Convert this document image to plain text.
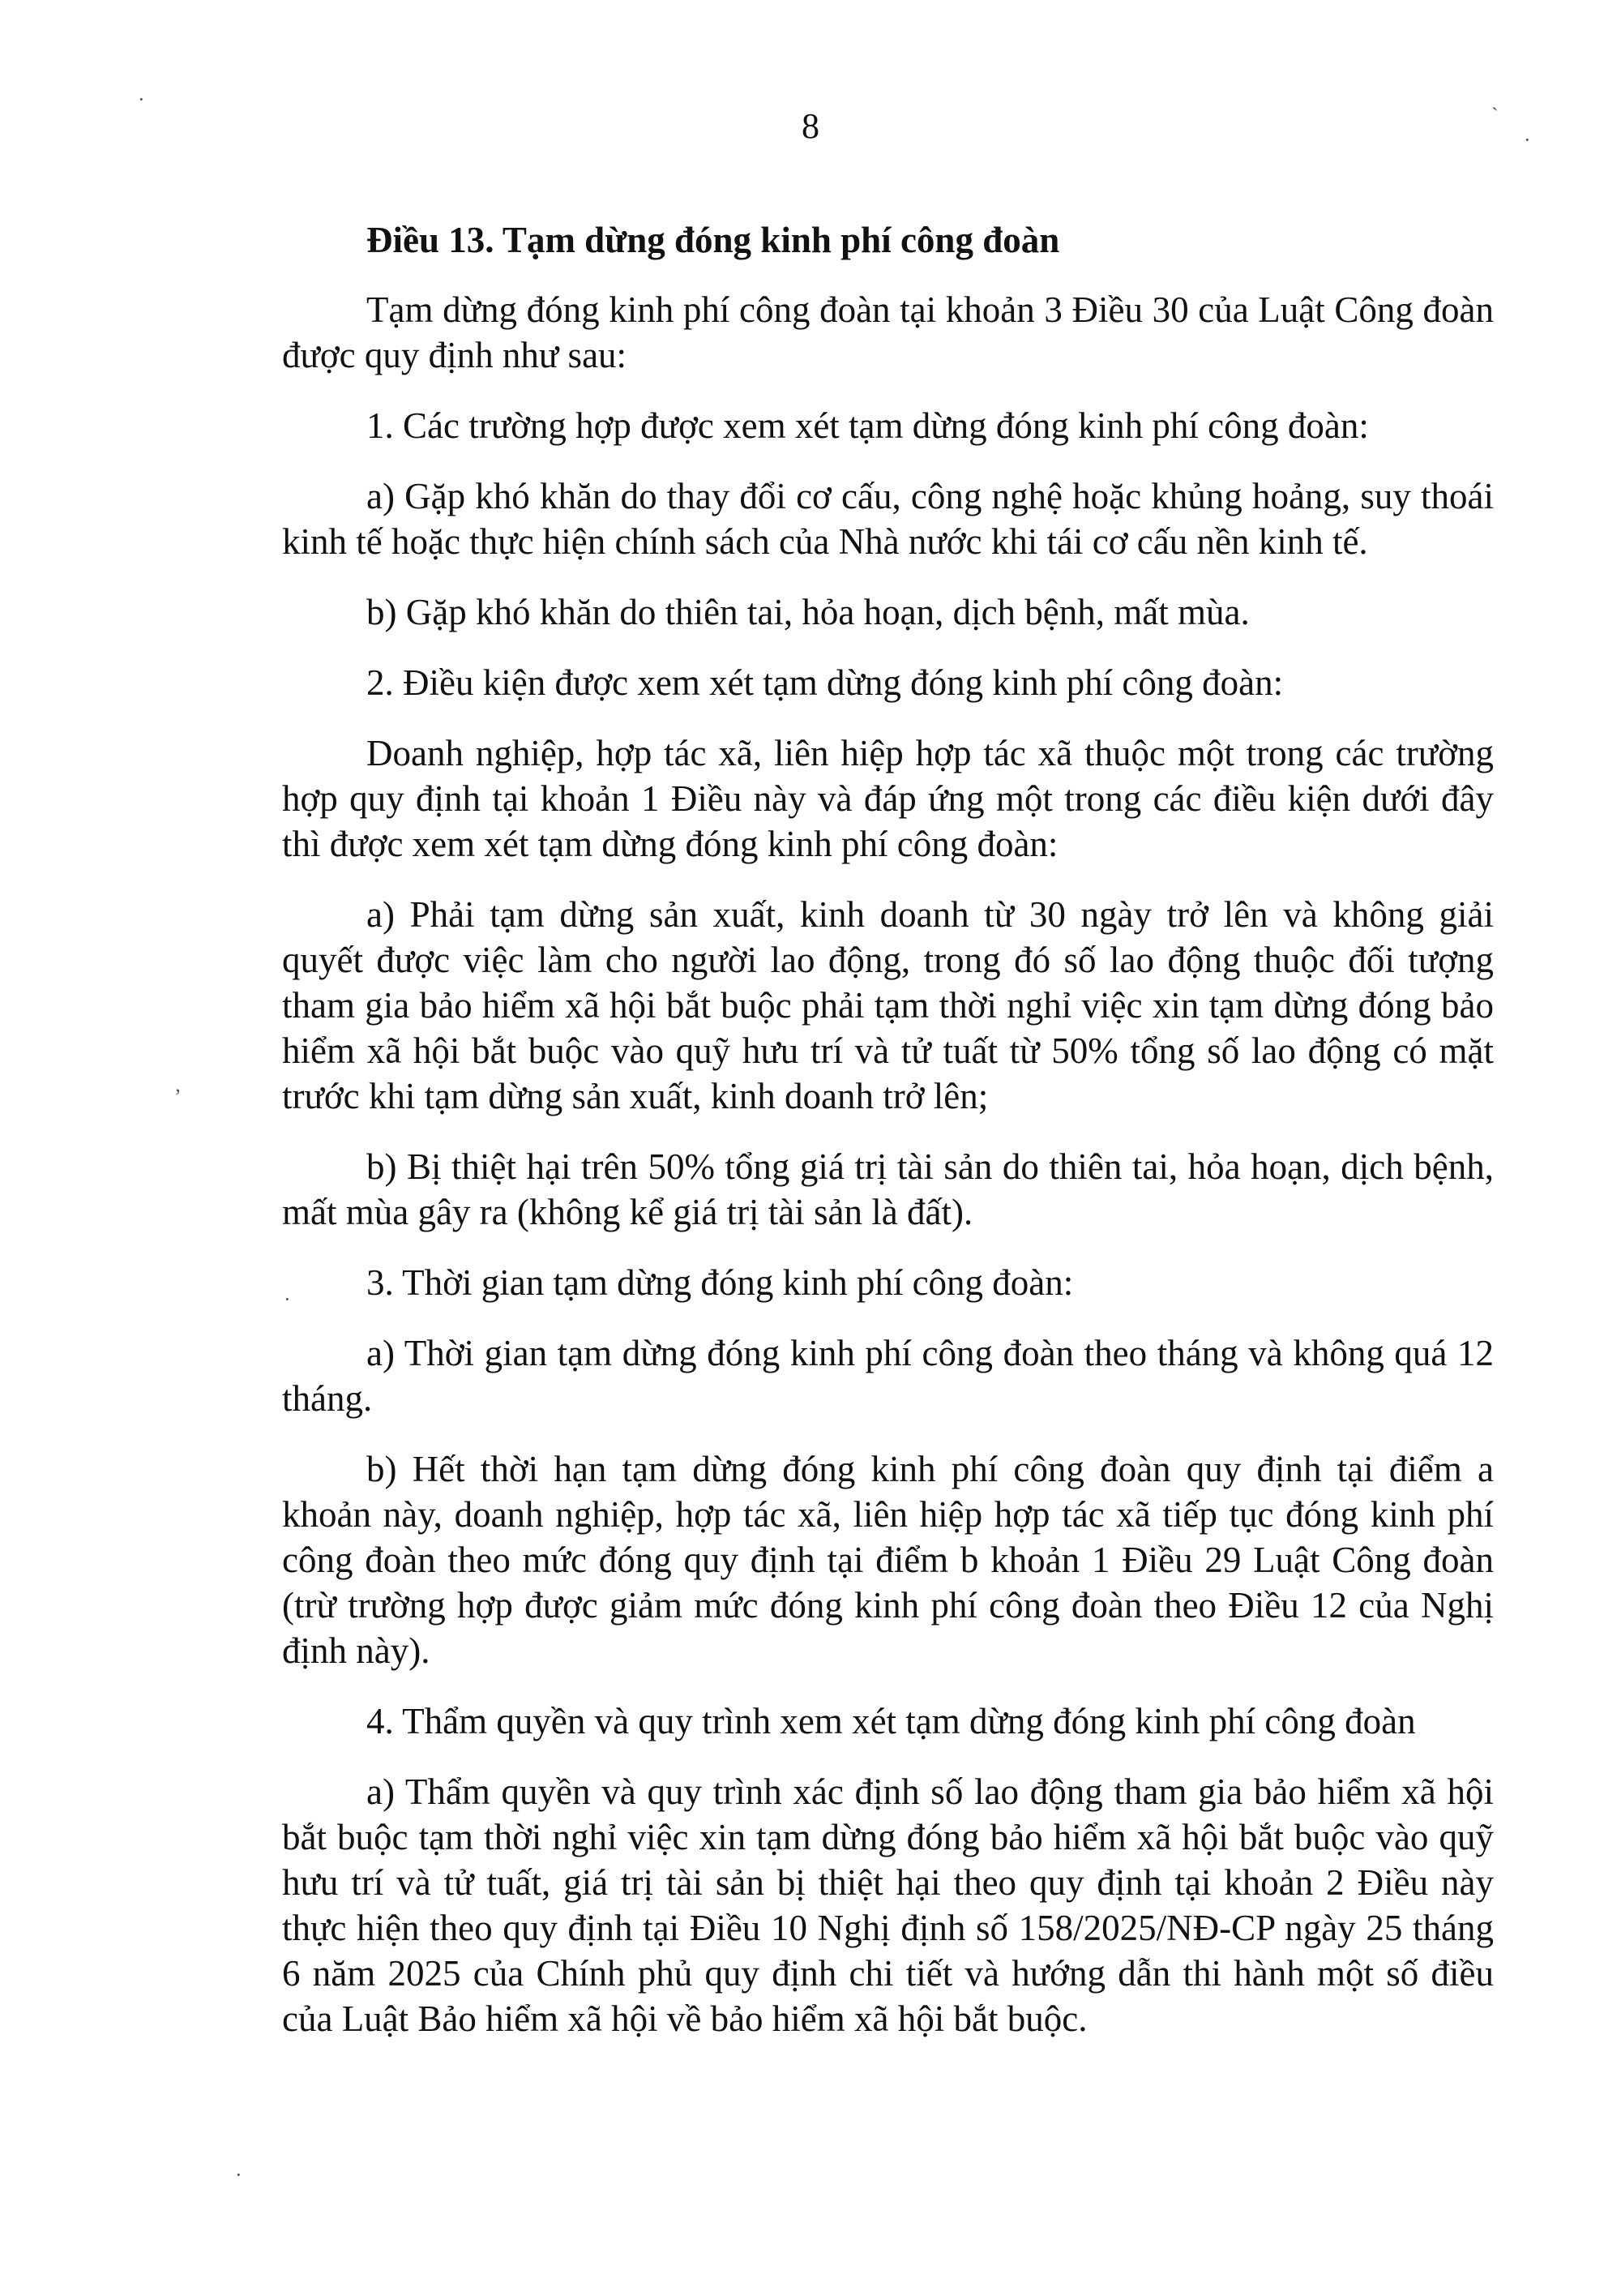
8
Điều 13. Tạm dừng đóng kinh phí công đoàn

Tạm dừng đóng kinh phí công đoàn tại khoản 3 Điều 30 của Luật Công đoàn được quy định như sau:

1. Các trường hợp được xem xét tạm dừng đóng kinh phí công đoàn:

a) Gặp khó khăn do thay đổi cơ cấu, công nghệ hoặc khủng hoảng, suy thoái kinh tế hoặc thực hiện chính sách của Nhà nước khi tái cơ cấu nền kinh tế.

b) Gặp khó khăn do thiên tai, hỏa hoạn, dịch bệnh, mất mùa.

2. Điều kiện được xem xét tạm dừng đóng kinh phí công đoàn:

Doanh nghiệp, hợp tác xã, liên hiệp hợp tác xã thuộc một trong các trường hợp quy định tại khoản 1 Điều này và đáp ứng một trong các điều kiện dưới đây thì được xem xét tạm dừng đóng kinh phí công đoàn:

a) Phải tạm dừng sản xuất, kinh doanh từ 30 ngày trở lên và không giải quyết được việc làm cho người lao động, trong đó số lao động thuộc đối tượng tham gia bảo hiểm xã hội bắt buộc phải tạm thời nghỉ việc xin tạm dừng đóng bảo hiểm xã hội bắt buộc vào quỹ hưu trí và tử tuất từ 50% tổng số lao động có mặt trước khi tạm dừng sản xuất, kinh doanh trở lên;

b) Bị thiệt hại trên 50% tổng giá trị tài sản do thiên tai, hỏa hoạn, dịch bệnh, mất mùa gây ra (không kể giá trị tài sản là đất).

3. Thời gian tạm dừng đóng kinh phí công đoàn:

a) Thời gian tạm dừng đóng kinh phí công đoàn theo tháng và không quá 12 tháng.

b) Hết thời hạn tạm dừng đóng kinh phí công đoàn quy định tại điểm a khoản này, doanh nghiệp, hợp tác xã, liên hiệp hợp tác xã tiếp tục đóng kinh phí công đoàn theo mức đóng quy định tại điểm b khoản 1 Điều 29 Luật Công đoàn (trừ trường hợp được giảm mức đóng kinh phí công đoàn theo Điều 12 của Nghị định này).

4. Thẩm quyền và quy trình xem xét tạm dừng đóng kinh phí công đoàn

a) Thẩm quyền và quy trình xác định số lao động tham gia bảo hiểm xã hội bắt buộc tạm thời nghỉ việc xin tạm dừng đóng bảo hiểm xã hội bắt buộc vào quỹ hưu trí và tử tuất, giá trị tài sản bị thiệt hại theo quy định tại khoản 2 Điều này thực hiện theo quy định tại Điều 10 Nghị định số 158/2025/NĐ-CP ngày 25 tháng 6 năm 2025 của Chính phủ quy định chi tiết và hướng dẫn thi hành một số điều của Luật Bảo hiểm xã hội về bảo hiểm xã hội bắt buộc.

·
·
ʼ
·
ˏ
·
